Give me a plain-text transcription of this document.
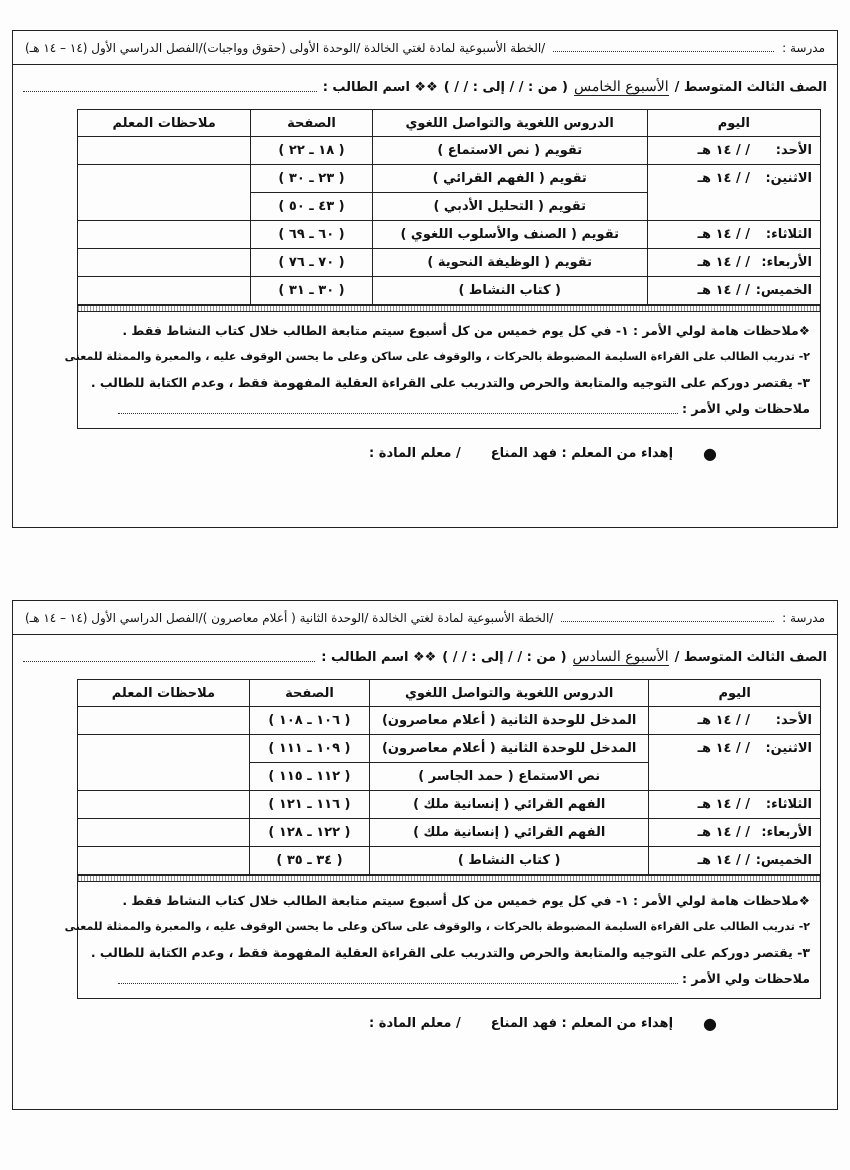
مدرسة :
/الخطة الأسبوعية لمادة لغتي الخالدة /الوحدة الأولى (حقوق وواجبات)/الفصل الدراسي الأول (١٤ – ١٤ هـ)
الصف الثالث المتوسط /
الأسبوع الخامس
( من : / / إلى : / / )
❖❖ اسم الطالب :
اليوم	الدروس اللغوية والتواصل اللغوي	الصفحة	ملاحظات المعلم
الأحد:/ / ١٤ هـ	تقويم ( نص الاستماع )	( ١٨ ـ ٢٢ )	
الاثنين:/ / ١٤ هـ	تقويم ( الفهم القرائي )	( ٢٣ ـ ٣٠ )	
	تقويم ( التحليل الأدبي )	( ٤٣ ـ ٥٠ )	
الثلاثاء:/ / ١٤ هـ	تقويم ( الصنف والأسلوب اللغوي )	( ٦٠ ـ ٦٩ )	
الأربعاء:/ / ١٤ هـ	تقويم ( الوظيفة النحوية )	( ٧٠ ـ ٧٦ )	
الخميس:/ / ١٤ هـ	( كتاب النشاط )	( ٣٠ ـ ٣١ )	

❖ملاحظات هامة لولي الأمر : ١- في كل يوم خميس من كل أسبوع سيتم متابعة الطالب خلال كتاب النشاط فقط .

٢- تدريب الطالب على القراءة السليمة المضبوطة بالحركات ، والوقوف على ساكن وعلى ما يحسن الوقوف عليه ، والمعبرة والممثلة للمعنى

٣- يقتصر دوركم على التوجيه والمتابعة والحرص والتدريب على القراءة العقلية المفهومة فقط ، وعدم الكتابة للطالب .

ملاحظات ولي الأمر :

●
إهداء من المعلم : فهد المناع
/ معلم المادة :
مدرسة :
/الخطة الأسبوعية لمادة لغتي الخالدة /الوحدة الثانية ( أعلام معاصرون )/الفصل الدراسي الأول (١٤ – ١٤ هـ)
الصف الثالث المتوسط /
الأسبوع السادس
( من : / / إلى : / / )
❖❖ اسم الطالب :
اليوم	الدروس اللغوية والتواصل اللغوي	الصفحة	ملاحظات المعلم
الأحد:/ / ١٤ هـ	المدخل للوحدة الثانية ( أعلام معاصرون)	( ١٠٦ ـ ١٠٨ )	
الاثنين:/ / ١٤ هـ	المدخل للوحدة الثانية ( أعلام معاصرون)	( ١٠٩ ـ ١١١ )	
	نص الاستماع ( حمد الجاسر )	( ١١٢ ـ ١١٥ )	
الثلاثاء:/ / ١٤ هـ	الفهم القرائي ( إنسانية ملك )	( ١١٦ ـ ١٢١ )	
الأربعاء:/ / ١٤ هـ	الفهم القرائي ( إنسانية ملك )	( ١٢٢ ـ ١٢٨ )	
الخميس:/ / ١٤ هـ	( كتاب النشاط )	( ٣٤ ـ ٣٥ )	

❖ملاحظات هامة لولي الأمر : ١- في كل يوم خميس من كل أسبوع سيتم متابعة الطالب خلال كتاب النشاط فقط .

٢- تدريب الطالب على القراءة السليمة المضبوطة بالحركات ، والوقوف على ساكن وعلى ما يحسن الوقوف عليه ، والمعبرة والممثلة للمعنى

٣- يقتصر دوركم على التوجيه والمتابعة والحرص والتدريب على القراءة العقلية المفهومة فقط ، وعدم الكتابة للطالب .

ملاحظات ولي الأمر :

●
إهداء من المعلم : فهد المناع
/ معلم المادة :
